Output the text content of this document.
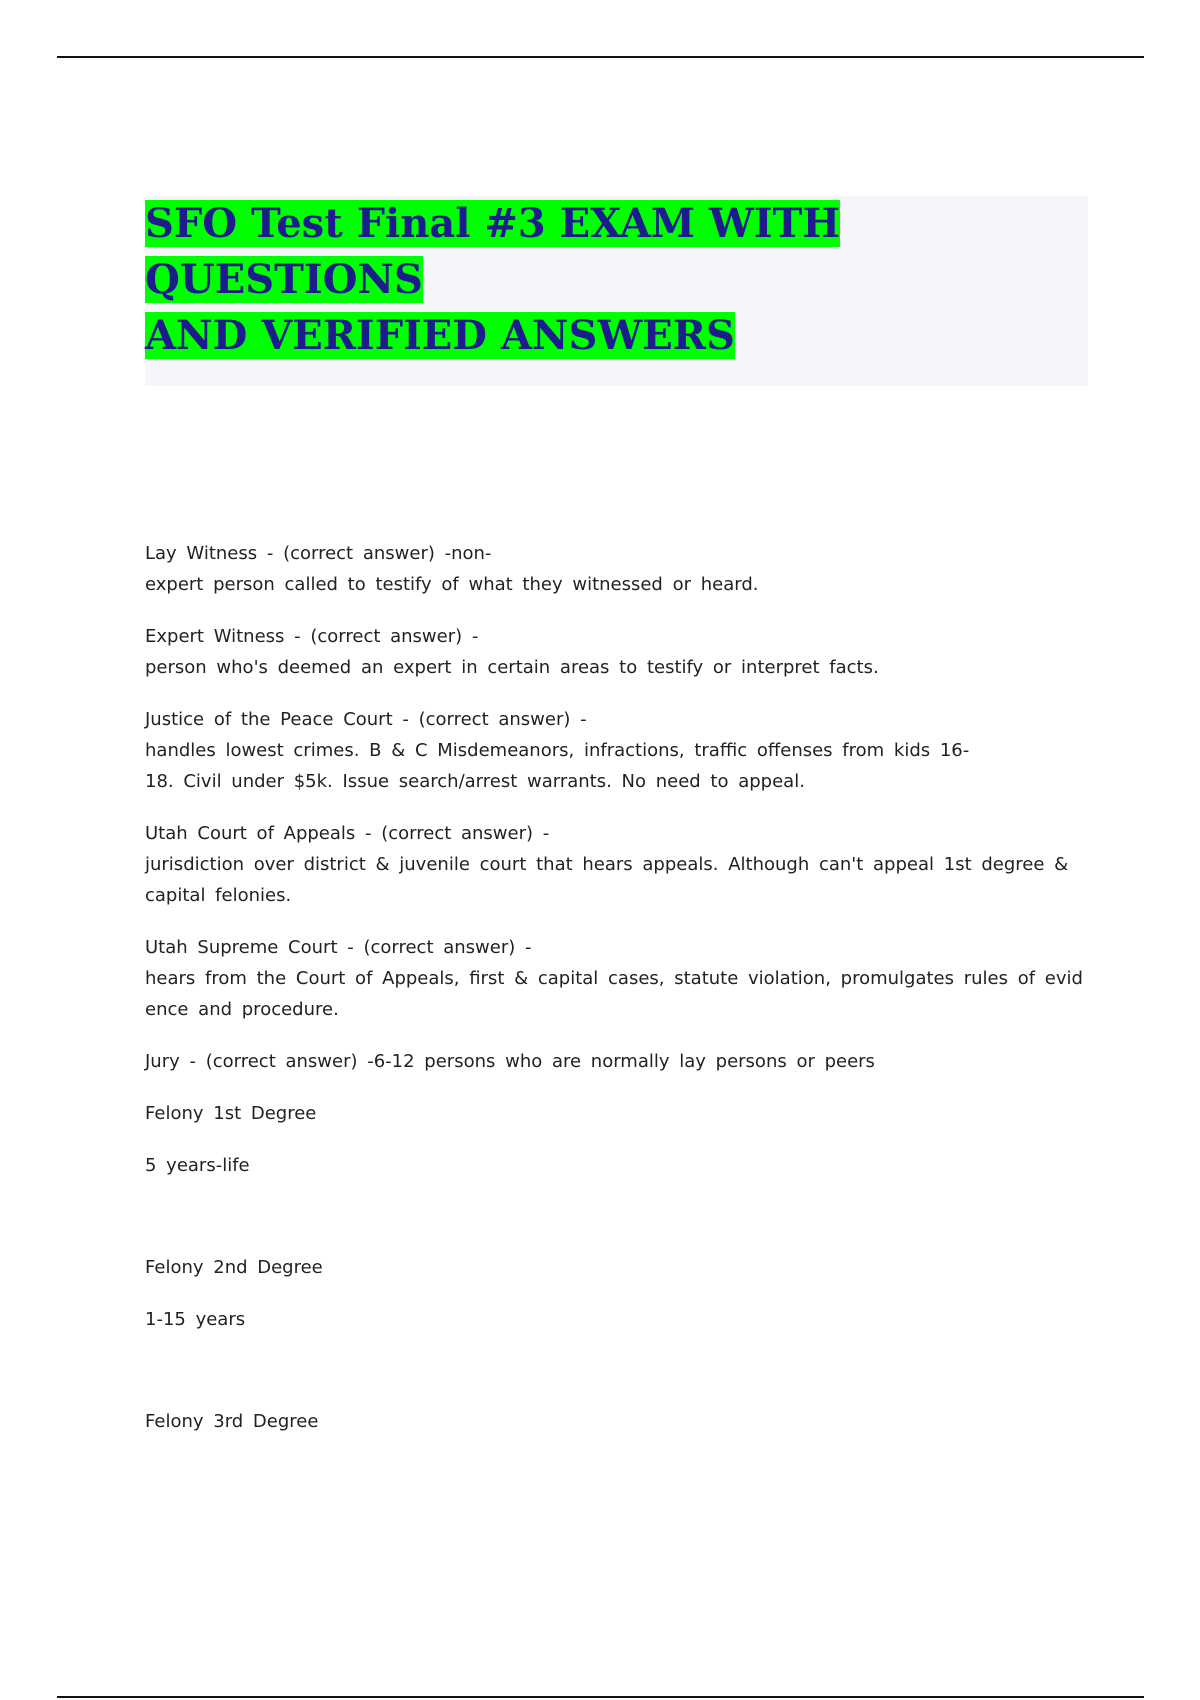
SFO Test Final #3 EXAM WITH QUESTIONS
AND VERIFIED ANSWERS

Lay Witness - (correct answer) -non-

expert person called to testify of what they witnessed or heard.

Expert Witness - (correct answer) -

person who's deemed an expert in certain areas to testify or interpret facts.

Justice of the Peace Court - (correct answer) -

handles lowest crimes. B & C Misdemeanors, infractions, traffic offenses from kids 16-

18. Civil under $5k. Issue search/arrest warrants. No need to appeal.

Utah Court of Appeals - (correct answer) -

jurisdiction over district & juvenile court that hears appeals. Although can't appeal 1st degree & capital felonies.

Utah Supreme Court - (correct answer) -

hears from the Court of Appeals, first & capital cases, statute violation, promulgates rules of evid ence and procedure.

Jury - (correct answer) -6-12 persons who are normally lay persons or peers

Felony 1st Degree

5 years-life

Felony 2nd Degree

1-15 years

Felony 3rd Degree
